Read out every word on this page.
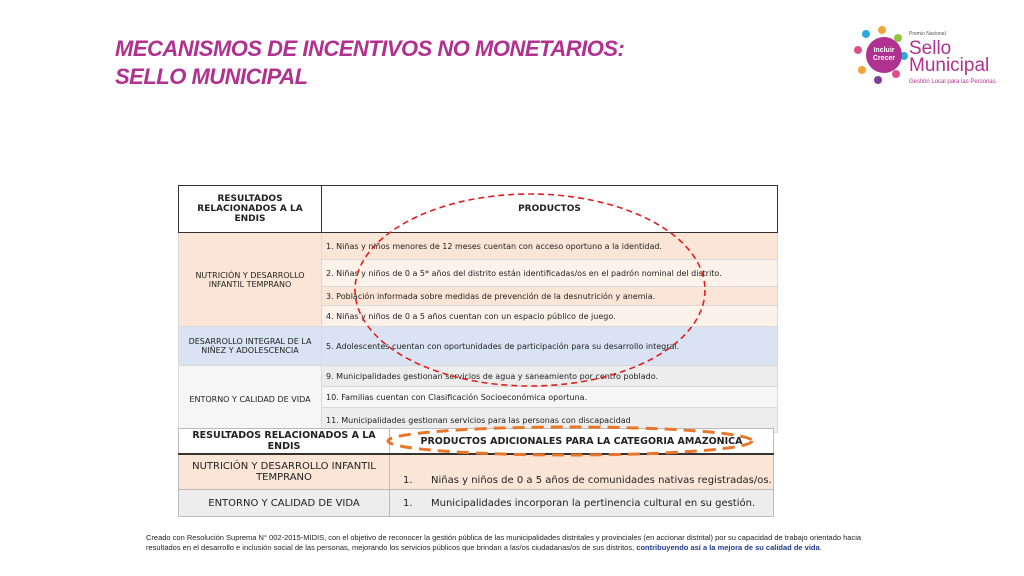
MECANISMOS DE INCENTIVOS NO MONETARIOS:
SELLO MUNICIPAL
Incluir Crecer
Premio Nacional
Sello
Municipal
Gestión Local para las Personas
RESULTADOS RELACIONADOS A LA ENDIS	PRODUCTOS
NUTRICIÓN Y DESARROLLO INFANTIL TEMPRANO	1. Niñas y niños menores de 12 meses cuentan con acceso oportuno a la identidad.
	2. Niñas y niños de 0 a 5* años del distrito están identificadas/os en el padrón nominal del distrito.
	3. Población informada sobre medidas de prevención de la desnutrición y anemia.
	4. Niñas y niños de 0 a 5 años cuentan con un espacio público de juego.
DESARROLLO INTEGRAL DE LA NIÑEZ Y ADOLESCENCIA	5. Adolescentes cuentan con oportunidades de participación para su desarrollo integral.
ENTORNO Y CALIDAD DE VIDA	9. Municipalidades gestionan servicios de agua y saneamiento por centro poblado.
	10. Familias cuentan con Clasificación Socioeconómica oportuna.
	11. Municipalidades gestionan servicios para las personas con discapacidad
RESULTADOS RELACIONADOS A LA ENDIS	PRODUCTOS ADICIONALES PARA LA CATEGORIA AMAZONICA
NUTRICIÓN Y DESARROLLO INFANTIL TEMPRANO	1. Niñas y niños de 0 a 5 años de comunidades nativas registradas/os.
ENTORNO Y CALIDAD DE VIDA	1. Municipalidades incorporan la pertinencia cultural en su gestión.
Creado con Resolución Suprema N° 002-2015-MIDIS, con el objetivo de reconocer la gestión pública de las municipalidades distritales y provinciales (en accionar distrital) por su capacidad de trabajo orientado hacia resultados en el desarrollo e inclusión social de las personas, mejorando los servicios públicos que brindan a las/os ciudadanas/os de sus distritos, contribuyendo así a la mejora de su calidad de vida.
